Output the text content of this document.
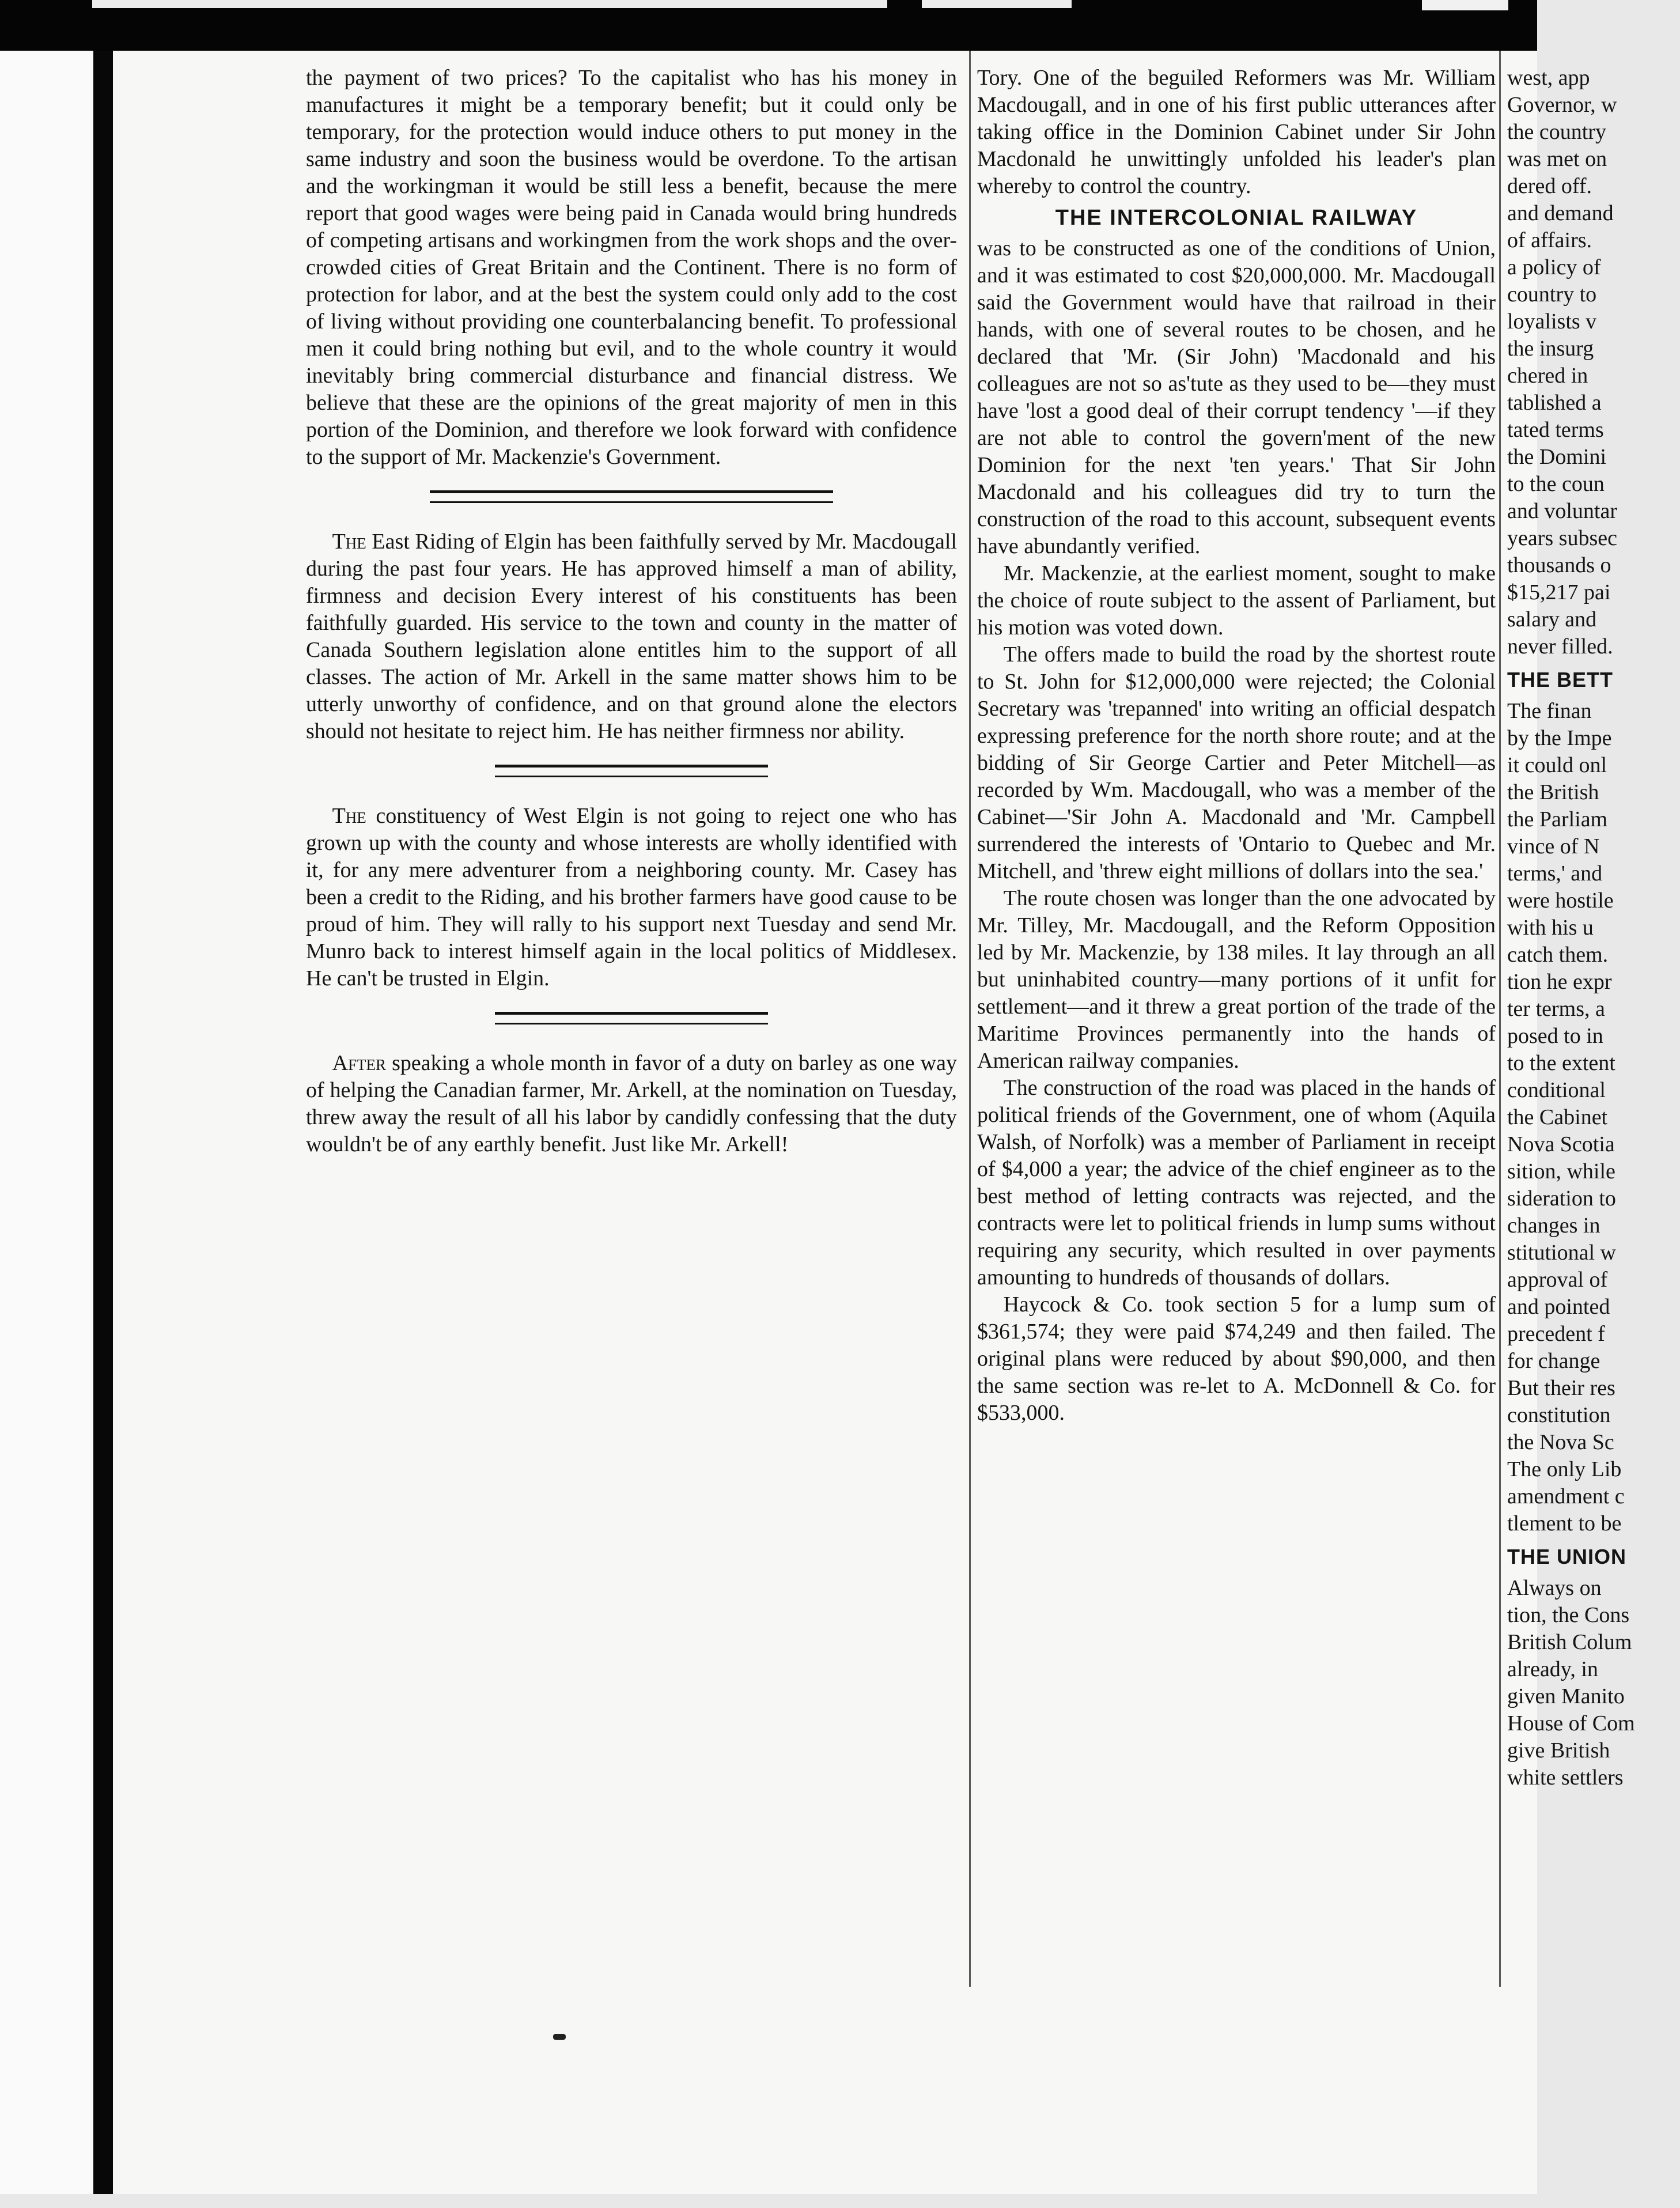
the payment of two prices? To the capitalist who has his money in manufactures it might be a temporary benefit; but it could only be temporary, for the protection would induce others to put money in the same industry and soon the business would be overdone. To the artisan and the workingman it would be still less a benefit, because the mere report that good wages were being paid in Canada would bring hundreds of competing artisans and workingmen from the work shops and the over-crowded cities of Great Britain and the Continent. There is no form of protection for labor, and at the best the system could only add to the cost of living without providing one counterbalancing benefit. To professional men it could bring nothing but evil, and to the whole country it would inevitably bring commercial disturbance and financial distress. We believe that these are the opinions of the great majority of men in this portion of the Dominion, and therefore we look forward with confidence to the support of Mr. Mackenzie's Government.

The East Riding of Elgin has been faithfully served by Mr. Macdougall during the past four years. He has approved himself a man of ability, firmness and decision Every interest of his constituents has been faithfully guarded. His service to the town and county in the matter of Canada Southern legislation alone entitles him to the support of all classes. The action of Mr. Arkell in the same matter shows him to be utterly unworthy of confidence, and on that ground alone the electors should not hesitate to reject him. He has neither firmness nor ability.

The constituency of West Elgin is not going to reject one who has grown up with the county and whose interests are wholly identified with it, for any mere adventurer from a neighboring county. Mr. Casey has been a credit to the Riding, and his brother farmers have good cause to be proud of him. They will rally to his support next Tuesday and send Mr. Munro back to interest himself again in the local politics of Middlesex. He can't be trusted in Elgin.

After speaking a whole month in favor of a duty on barley as one way of helping the Canadian farmer, Mr. Arkell, at the nomination on Tuesday, threw away the result of all his labor by candidly confessing that the duty wouldn't be of any earthly benefit. Just like Mr. Arkell!

Tory. One of the beguiled Reformers was Mr. William Macdougall, and in one of his first public utterances after taking office in the Dominion Cabinet under Sir John Macdonald he unwittingly unfolded his leader's plan whereby to control the country.

THE INTERCOLONIAL RAILWAY

was to be constructed as one of the conditions of Union, and it was estimated to cost $20,000,000. Mr. Macdougall said the Government would have that railroad in their hands, with one of several routes to be chosen, and he declared that 'Mr. (Sir John) 'Macdonald and his colleagues are not so as'tute as they used to be—they must have 'lost a good deal of their corrupt tendency '—if they are not able to control the govern'ment of the new Dominion for the next 'ten years.' That Sir John Macdonald and his colleagues did try to turn the construction of the road to this account, subsequent events have abundantly verified.

Mr. Mackenzie, at the earliest moment, sought to make the choice of route subject to the assent of Parliament, but his motion was voted down.

The offers made to build the road by the shortest route to St. John for $12,000,000 were rejected; the Colonial Secretary was 'trepanned' into writing an official despatch expressing preference for the north shore route; and at the bidding of Sir George Cartier and Peter Mitchell—as recorded by Wm. Macdougall, who was a member of the Cabinet—'Sir John A. Macdonald and 'Mr. Campbell surrendered the interests of 'Ontario to Quebec and Mr. Mitchell, and 'threw eight millions of dollars into the sea.'

The route chosen was longer than the one advocated by Mr. Tilley, Mr. Macdougall, and the Reform Opposition led by Mr. Mackenzie, by 138 miles. It lay through an all but uninhabited country—many portions of it unfit for settlement—and it threw a great portion of the trade of the Maritime Provinces permanently into the hands of American railway companies.

The construction of the road was placed in the hands of political friends of the Government, one of whom (Aquila Walsh, of Norfolk) was a member of Parliament in receipt of $4,000 a year; the advice of the chief engineer as to the best method of letting contracts was rejected, and the contracts were let to political friends in lump sums without requiring any security, which resulted in over payments amounting to hundreds of thousands of dollars.

Haycock & Co. took section 5 for a lump sum of $361,574; they were paid $74,249 and then failed. The original plans were reduced by about $90,000, and then the same section was re-let to A. McDonnell & Co. for $533,000.

west, app
Governor, w
the country
was met on
dered off.
and demand
of affairs.
a policy of
country to
loyalists v
the insurg
chered in
tablished a
tated terms
the Domini
to the coun
and voluntar
years subsec
thousands o
$15,217 pai
salary and
never filled.
THE BETT
The finan
by the Impe
it could onl
the British
the Parliam
vince of N
terms,' and
were hostile
with his u
catch them.
tion he expr
ter terms, a
posed to in
to the extent
conditional
the Cabinet
Nova Scotia
sition, while
sideration to
changes in
stitutional w
approval of
and pointed
precedent f
for change
But their res
constitution
the Nova Sc
The only Lib
amendment c
tlement to be
THE UNION
Always on
tion, the Cons
British Colum
already, in
given Manito
House of Com
give British
white settlers
